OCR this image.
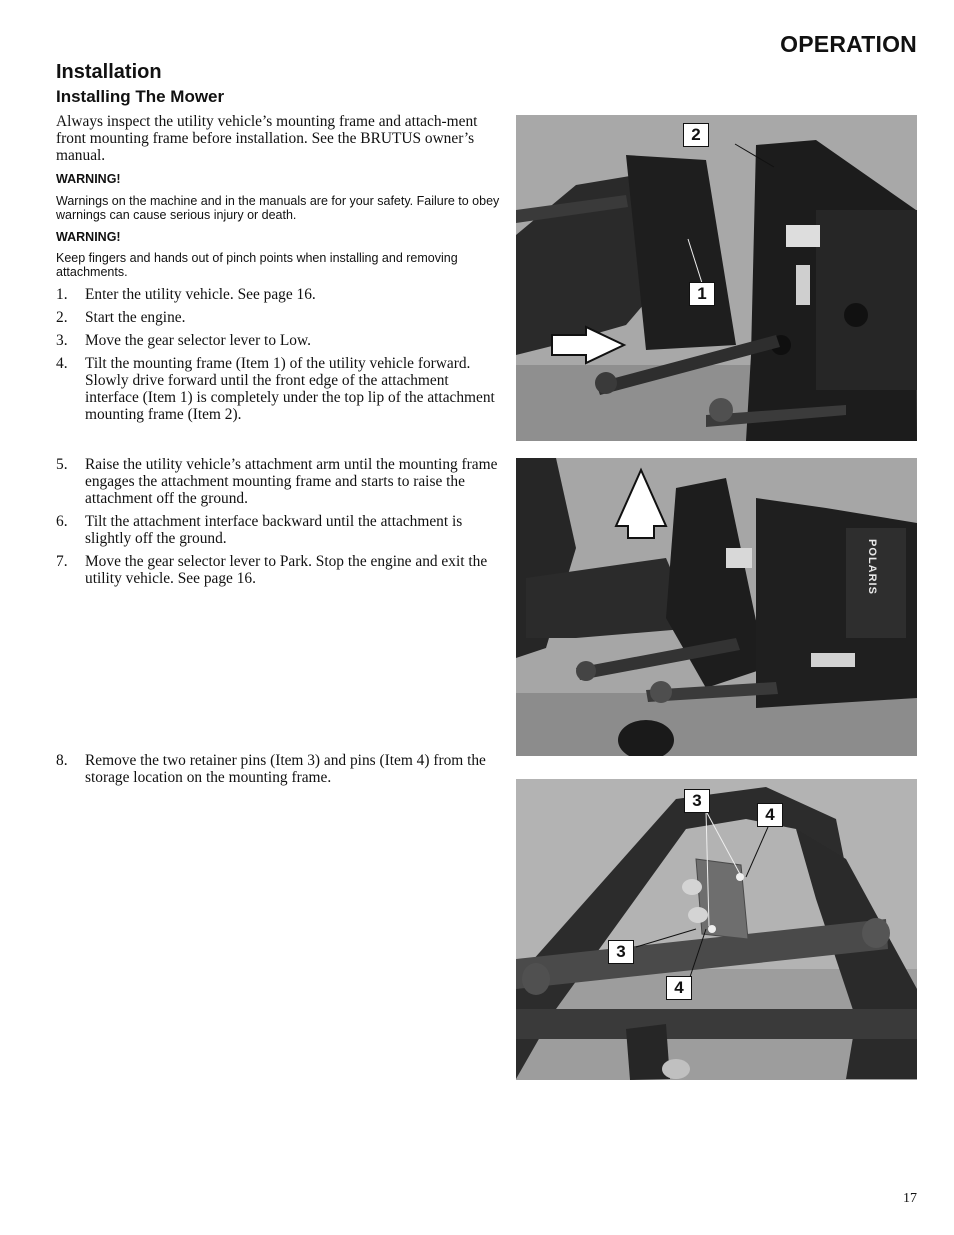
OPERATION
Installation
Installing The Mower
Always inspect the utility vehicle’s mounting frame and attach-ment front mounting frame before installation. See the BRUTUS owner’s manual.
WARNING!
Warnings on the machine and in the manuals are for your safety. Failure to obey warnings can cause serious injury or death.
WARNING!
Keep fingers and hands out of pinch points when installing and removing attachments.
1. Enter the utility vehicle. See page 16.
2. Start the engine.
3. Move the gear selector lever to Low.
4. Tilt the mounting frame (Item 1) of the utility vehicle forward. Slowly drive forward until the front edge of the attachment interface (Item 1) is completely under the top lip of the attachment mounting frame (Item 2).
5. Raise the utility vehicle’s attachment arm until the mounting frame engages the attachment mounting frame and starts to raise the attachment off the ground.
6. Tilt the attachment interface backward until the attachment is slightly off the ground.
7. Move the gear selector lever to Park. Stop the engine and exit the utility vehicle. See page 16.
8. Remove the two retainer pins (Item 3) and pins (Item 4) from the storage location on the mounting frame.
2
1
POLARIS
3
4
3
4
17
